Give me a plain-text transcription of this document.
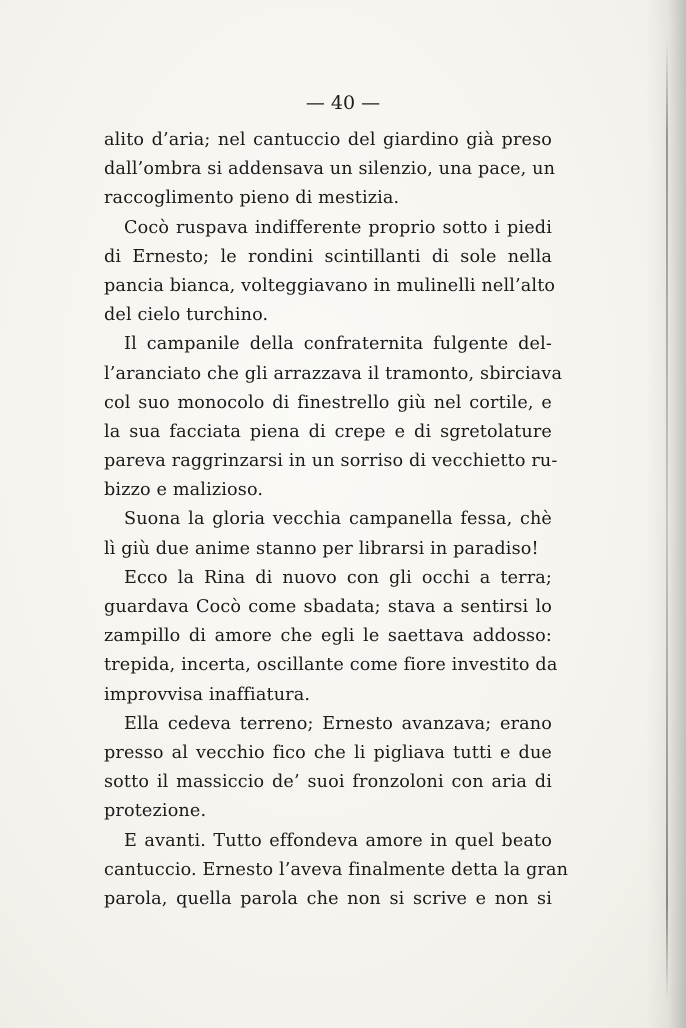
— 40 —
alito d’aria; nel cantuccio del giardino già preso
dall’ombra si addensava un silenzio, una pace, un
raccoglimento pieno di mestizia.
Cocò ruspava indifferente proprio sotto i piedi
di Ernesto; le rondini scintillanti di sole nella
pancia bianca, volteggiavano in mulinelli nell’alto
del cielo turchino.
Il campanile della confraternita fulgente del-
l’aranciato che gli arrazzava il tramonto, sbirciava
col suo monocolo di finestrello giù nel cortile, e
la sua facciata piena di crepe e di sgretolature
pareva raggrinzarsi in un sorriso di vecchietto ru-
bizzo e malizioso.
Suona la gloria vecchia campanella fessa, chè
lì giù due anime stanno per librarsi in paradiso!
Ecco la Rina di nuovo con gli occhi a terra;
guardava Cocò come sbadata; stava a sentirsi lo
zampillo di amore che egli le saettava addosso:
trepida, incerta, oscillante come fiore investito da
improvvisa inaffiatura.
Ella cedeva terreno; Ernesto avanzava; erano
presso al vecchio fico che li pigliava tutti e due
sotto il massiccio de’ suoi fronzoloni con aria di
protezione.
E avanti. Tutto effondeva amore in quel beato
cantuccio. Ernesto l’aveva finalmente detta la gran
parola, quella parola che non si scrive e non si
